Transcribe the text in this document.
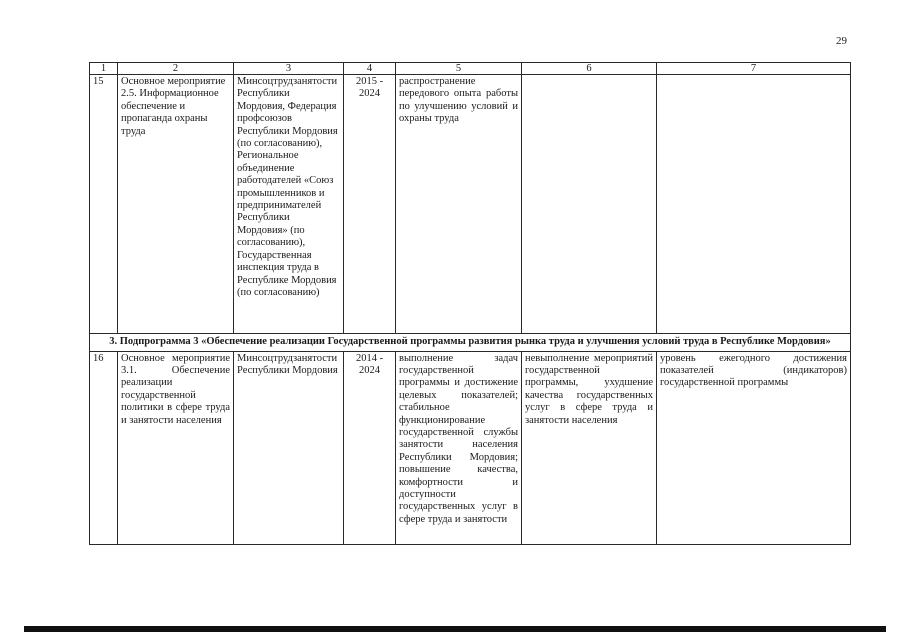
29
1	2	3	4	5	6	7
15	Основное мероприятие 2.5. Информационное обеспечение и пропаганда охраны труда	Минсоцтрудзанятости Республики Мордовия, Федерация профсоюзов Республики Мордовия (по согласованию), Региональное объединение работодателей «Союз промышленников и предпринимателей Республики Мордовия» (по согласованию), Государственная инспекция труда в Республике Мордовия (по согласованию)	2015 - 2024	распространение передового опыта работы по улучшению условий и охраны труда		
3. Подпрограмма 3 «Обеспечение реализации Государственной программы развития рынка труда и улучшения условий труда в Республике Мордовия»						
16	Основное мероприятие 3.1. Обеспечение реализации государственной политики в сфере труда и занятости населения	Минсоцтрудзанятости Республики Мордовия	2014 - 2024	выполнение задач государственной программы и достижение целевых показателей; стабильное функционирование государственной службы занятости населения Республики Мордовия; повышение качества, комфортности и доступности государственных услуг в сфере труда и занятости	невыполнение мероприятий государственной программы, ухудшение качества государственных услуг в сфере труда и занятости населения	уровень ежегодного достижения показателей (индикаторов) государственной программы
